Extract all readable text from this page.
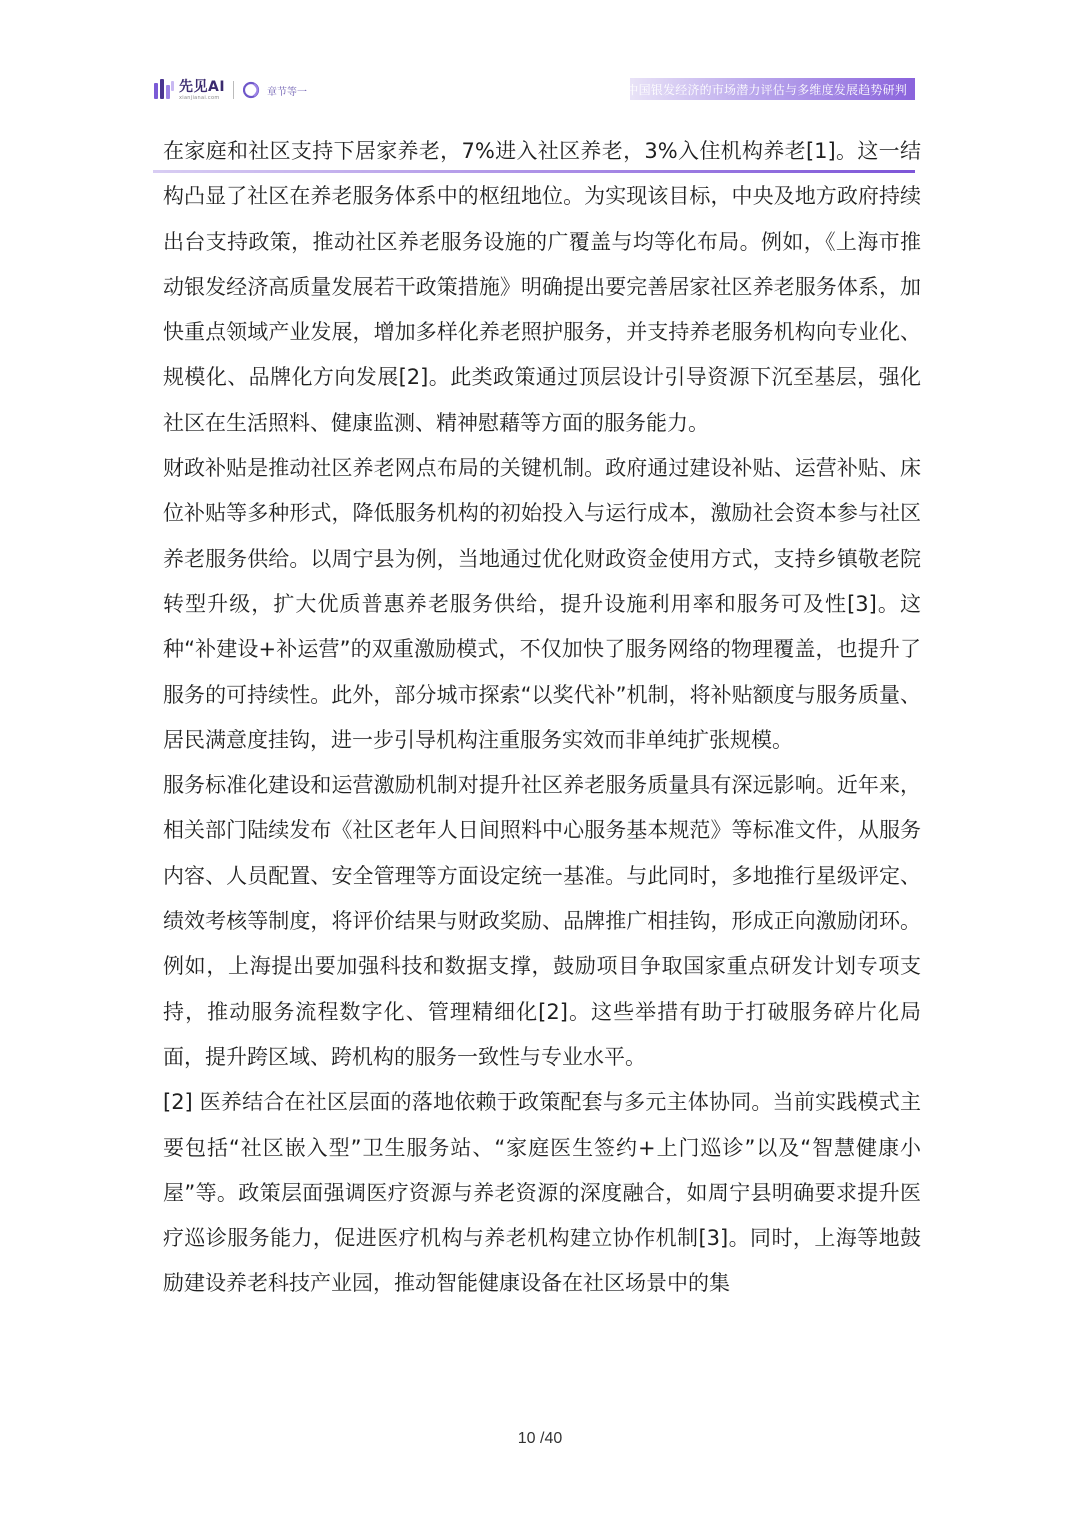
先见AI
xianjianai.com	章节等一	中国银发经济的市场潜力评估与多维度发展趋势研判

在家庭和社区支持下居家养老，7%进入社区养老，3%入住机构养老[1]。这一结构凸显了社区在养老服务体系中的枢纽地位。为实现该目标，中央及地方政府持续出台支持政策，推动社区养老服务设施的广覆盖与均等化布局。例如，《上海市推动银发经济高质量发展若干政策措施》明确提出要完善居家社区养老服务体系，加快重点领域产业发展，增加多样化养老照护服务，并支持养老服务机构向专业化、规模化、品牌化方向发展[2]。此类政策通过顶层设计引导资源下沉至基层，强化社区在生活照料、健康监测、精神慰藉等方面的服务能力。

财政补贴是推动社区养老网点布局的关键机制。政府通过建设补贴、运营补贴、床位补贴等多种形式，降低服务机构的初始投入与运行成本，激励社会资本参与社区养老服务供给。以周宁县为例，当地通过优化财政资金使用方式，支持乡镇敬老院转型升级，扩大优质普惠养老服务供给，提升设施利用率和服务可及性[3]。这种“补建设+补运营”的双重激励模式，不仅加快了服务网络的物理覆盖，也提升了服务的可持续性。此外，部分城市探索“以奖代补”机制，将补贴额度与服务质量、居民满意度挂钩，进一步引导机构注重服务实效而非单纯扩张规模。

服务标准化建设和运营激励机制对提升社区养老服务质量具有深远影响。近年来，相关部门陆续发布《社区老年人日间照料中心服务基本规范》等标准文件，从服务内容、人员配置、安全管理等方面设定统一基准。与此同时，多地推行星级评定、绩效考核等制度，将评价结果与财政奖励、品牌推广相挂钩，形成正向激励闭环。例如，上海提出要加强科技和数据支撑，鼓励项目争取国家重点研发计划专项支持，推动服务流程数字化、管理精细化[2]。这些举措有助于打破服务碎片化局面，提升跨区域、跨机构的服务一致性与专业水平。

[2] 医养结合在社区层面的落地依赖于政策配套与多元主体协同。当前实践模式主要包括“社区嵌入型”卫生服务站、“家庭医生签约+上门巡诊”以及“智慧健康小屋”等。政策层面强调医疗资源与养老资源的深度融合，如周宁县明确要求提升医疗巡诊服务能力，促进医疗机构与养老机构建立协作机制[3]。同时，上海等地鼓励建设养老科技产业园，推动智能健康设备在社区场景中的集

10 /40
